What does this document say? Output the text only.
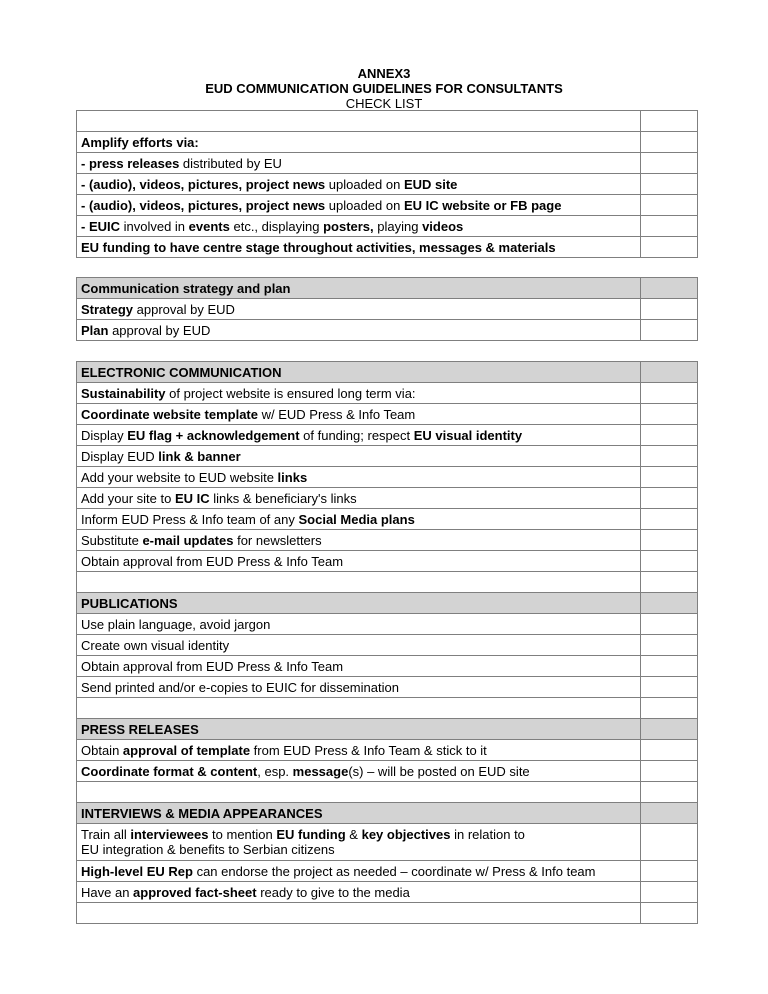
ANNEX3
EUD COMMUNICATION GUIDELINES FOR CONSULTANTS
CHECK LIST

Amplify efforts via:	
- press releases distributed by EU	
- (audio), videos, pictures, project news uploaded on EUD site	
- (audio), videos, pictures, project news uploaded on EU IC website or FB page	
- EUIC involved in events etc., displaying posters, playing videos	
EU funding to have centre stage throughout activities, messages & materials	
Communication strategy and plan	
Strategy approval by EUD	
Plan approval by EUD	
ELECTRONIC COMMUNICATION	
Sustainability of project website is ensured long term via:	
Coordinate website template w/ EUD Press & Info Team	
Display EU flag + acknowledgement of funding; respect EU visual identity	
Display EUD link & banner	
Add your website to EUD website links	
Add your site to EU IC links & beneficiary's links	
Inform EUD Press & Info team of any Social Media plans	
Substitute e-mail updates for newsletters	
Obtain approval from EUD Press & Info Team	

PUBLICATIONS	
Use plain language, avoid jargon	
Create own visual identity	
Obtain approval from EUD Press & Info Team	
Send printed and/or e-copies to EUIC for dissemination	

PRESS RELEASES	
Obtain approval of template from EUD Press & Info Team & stick to it	
Coordinate format & content, esp. message(s) – will be posted on EUD site	

INTERVIEWS & MEDIA APPEARANCES	
Train all interviewees to mention EU funding & key objectives in relation to
EU integration & benefits to Serbian citizens	
High-level EU Rep can endorse the project as needed – coordinate w/ Press & Info team	
Have an approved fact-sheet ready to give to the media	
